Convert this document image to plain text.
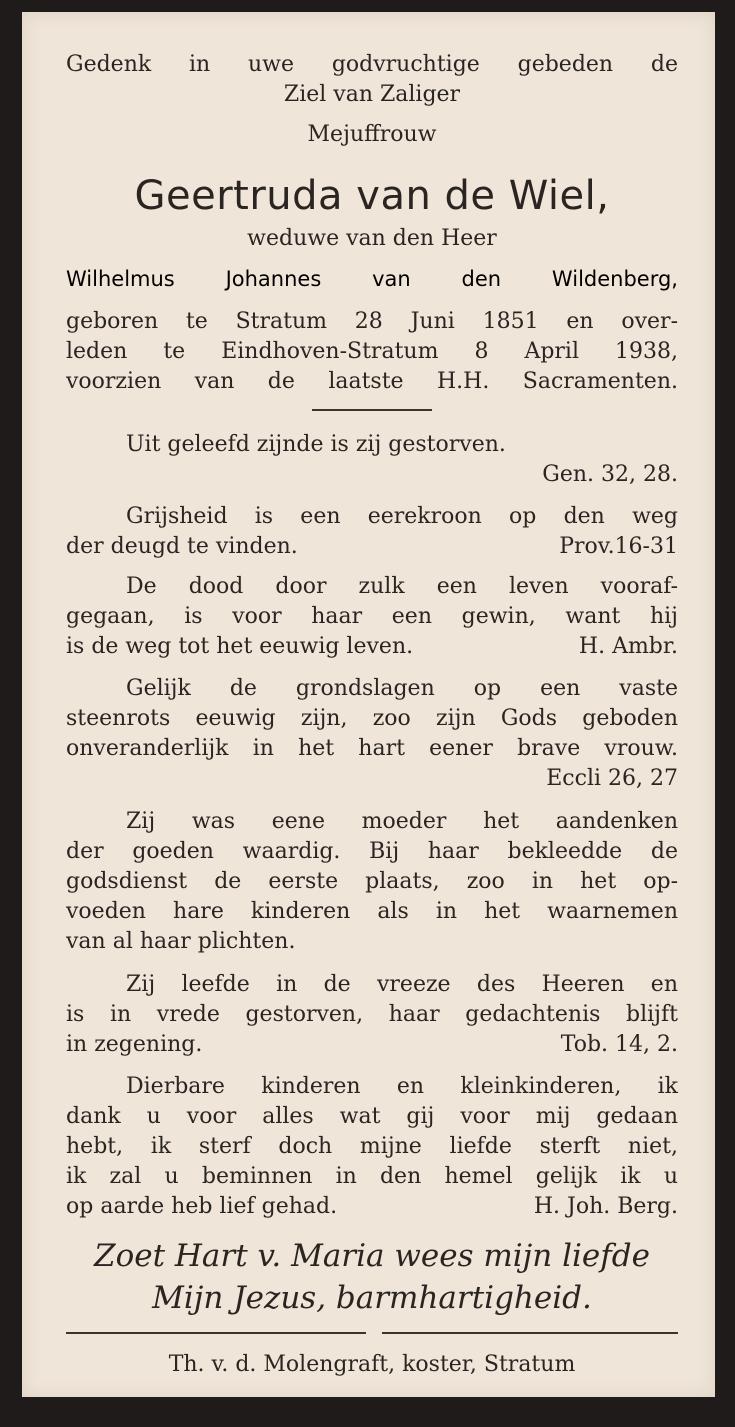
Gedenk in uwe godvruchtige gebeden de
Ziel van Zaliger
Mejuffrouw
Geertruda van de Wiel,
weduwe van den Heer
Wilhelmus Johannes van den Wildenberg,
geboren te Stratum 28 Juni 1851 en over-
leden te Eindhoven-Stratum 8 April 1938,
voorzien van de laatste H.H. Sacramenten.
Uit geleefd zijnde is zij gestorven.
Gen. 32, 28.
Grijsheid is een eerekroon op den weg
der deugd te vinden.	Prov.16-31
De dood door zulk een leven vooraf-
gegaan, is voor haar een gewin, want hij
is de weg tot het eeuwig leven.	H. Ambr.
Gelijk de grondslagen op een vaste
steenrots eeuwig zijn, zoo zijn Gods geboden
onveranderlijk in het hart eener brave vrouw.
Eccli 26, 27
Zij was eene moeder het aandenken
der goeden waardig. Bij haar bekleedde de
godsdienst de eerste plaats, zoo in het op-
voeden hare kinderen als in het waarnemen
van al haar plichten.
Zij leefde in de vreeze des Heeren en
is in vrede gestorven, haar gedachtenis blijft
in zegening.	Tob. 14, 2.
Dierbare kinderen en kleinkinderen, ik
dank u voor alles wat gij voor mij gedaan
hebt, ik sterf doch mijne liefde sterft niet,
ik zal u beminnen in den hemel gelijk ik u
op aarde heb lief gehad.	H. Joh. Berg.
Zoet Hart v. Maria wees mijn liefde
Mijn Jezus, barmhartigheid.
Th. v. d. Molengraft, koster, Stratum
